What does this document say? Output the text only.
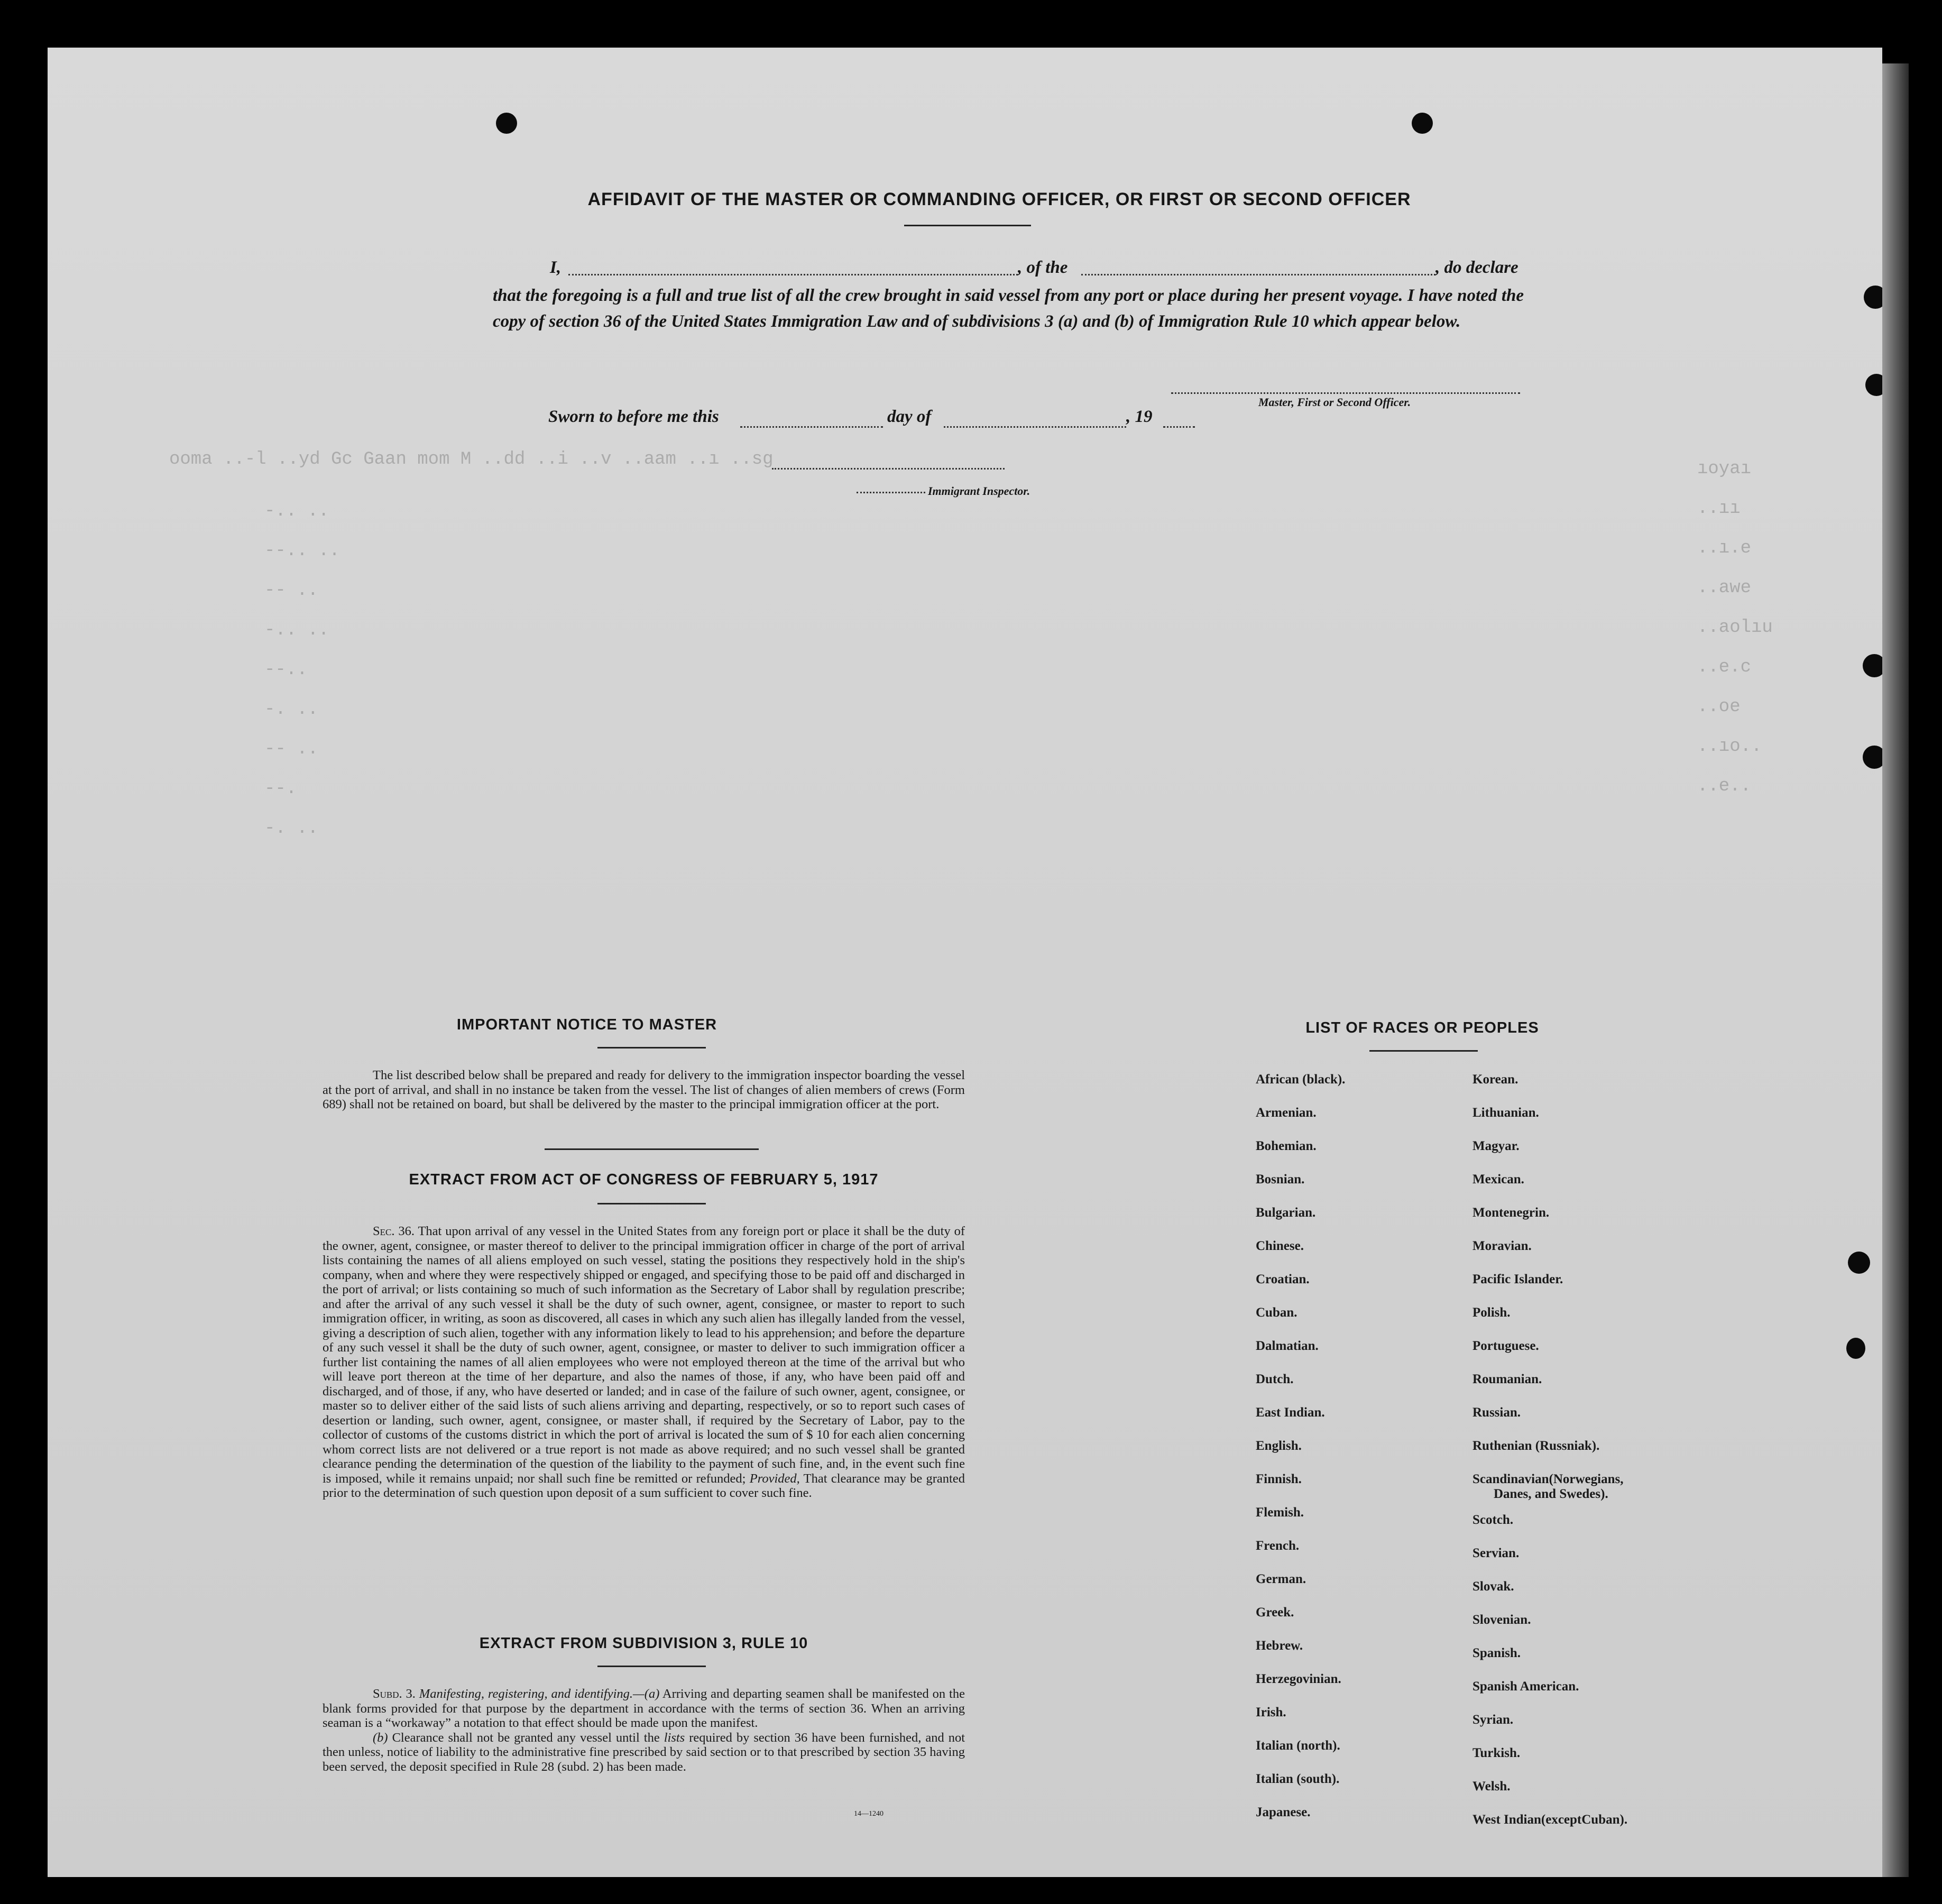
ooma ..-l ..yd Gc Gaan mom M ..dd ..i ..v ..aam ..ı ..sg
-.. ..
--.. ..
-- ..
-.. ..
--..
-. ..
-- ..
--.
-. ..
ıoyaı
..ıı
..ı.e
..awe
..aolıu
..e.c
..oe
..ıo..
..e..
AFFIDAVIT OF THE MASTER OR COMMANDING OFFICER, OR FIRST OR SECOND OFFICER
I,	, of the	, do declare
that the foregoing is a full and true list of all the crew brought in said vessel from any port or place during her present voyage. I have noted the copy of section 36 of the United States Immigration Law and of subdivisions 3 (a) and (b) of Immigration Rule 10 which appear below.
Master, First or Second Officer.
Sworn to before me this	day of	, 19
Immigrant Inspector.
IMPORTANT NOTICE TO MASTER
The list described below shall be prepared and ready for delivery to the immigration inspector boarding the vessel at the port of arrival, and shall in no instance be taken from the vessel. The list of changes of alien members of crews (Form 689) shall not be retained on board, but shall be delivered by the master to the principal immigration officer at the port.
EXTRACT FROM ACT OF CONGRESS OF FEBRUARY 5, 1917
Sec. 36. That upon arrival of any vessel in the United States from any foreign port or place it shall be the duty of the owner, agent, consignee, or master thereof to deliver to the principal immigration officer in charge of the port of arrival lists containing the names of all aliens employed on such vessel, stating the positions they respectively hold in the ship's company, when and where they were respectively shipped or engaged, and specifying those to be paid off and discharged in the port of arrival; or lists containing so much of such information as the Secretary of Labor shall by regulation prescribe; and after the arrival of any such vessel it shall be the duty of such owner, agent, consignee, or master to report to such immigration officer, in writing, as soon as discovered, all cases in which any such alien has illegally landed from the vessel, giving a description of such alien, together with any information likely to lead to his apprehension; and before the departure of any such vessel it shall be the duty of such owner, agent, consignee, or master to deliver to such immigration officer a further list containing the names of all alien employees who were not employed thereon at the time of the arrival but who will leave port thereon at the time of her departure, and also the names of those, if any, who have been paid off and discharged, and of those, if any, who have deserted or landed; and in case of the failure of such owner, agent, consignee, or master so to deliver either of the said lists of such aliens arriving and departing, respectively, or so to report such cases of desertion or landing, such owner, agent, consignee, or master shall, if required by the Secretary of Labor, pay to the collector of customs of the customs district in which the port of arrival is located the sum of $ 10 for each alien concerning whom correct lists are not delivered or a true report is not made as above required; and no such vessel shall be granted clearance pending the determination of the question of the liability to the payment of such fine, and, in the event such fine is imposed, while it remains unpaid; nor shall such fine be remitted or refunded; Provided, That clearance may be granted prior to the determination of such question upon deposit of a sum sufficient to cover such fine.
EXTRACT FROM SUBDIVISION 3, RULE 10
Subd. 3. Manifesting, registering, and identifying.—(a) Arriving and departing seamen shall be manifested on the blank forms provided for that purpose by the department in accordance with the terms of section 36. When an arriving seaman is a “workaway” a notation to that effect should be made upon the manifest.
(b) Clearance shall not be granted any vessel until the lists required by section 36 have been furnished, and not then unless, notice of liability to the administrative fine prescribed by said section or to that prescribed by section 35 having been served, the deposit specified in Rule 28 (subd. 2) has been made.
14—1240
LIST OF RACES OR PEOPLES
African (black).
Armenian.
Bohemian.
Bosnian.
Bulgarian.
Chinese.
Croatian.
Cuban.
Dalmatian.
Dutch.
East Indian.
English.
Finnish.
Flemish.
French.
German.
Greek.
Hebrew.
Herzegovinian.
Irish.
Italian (north).
Italian (south).
Japanese.
Korean.
Lithuanian.
Magyar.
Mexican.
Montenegrin.
Moravian.
Pacific Islander.
Polish.
Portuguese.
Roumanian.
Russian.
Ruthenian (Russniak).
Scandinavian(Norwegians,
Danes, and Swedes).
Scotch.
Servian.
Slovak.
Slovenian.
Spanish.
Spanish American.
Syrian.
Turkish.
Welsh.
West Indian(exceptCuban).
